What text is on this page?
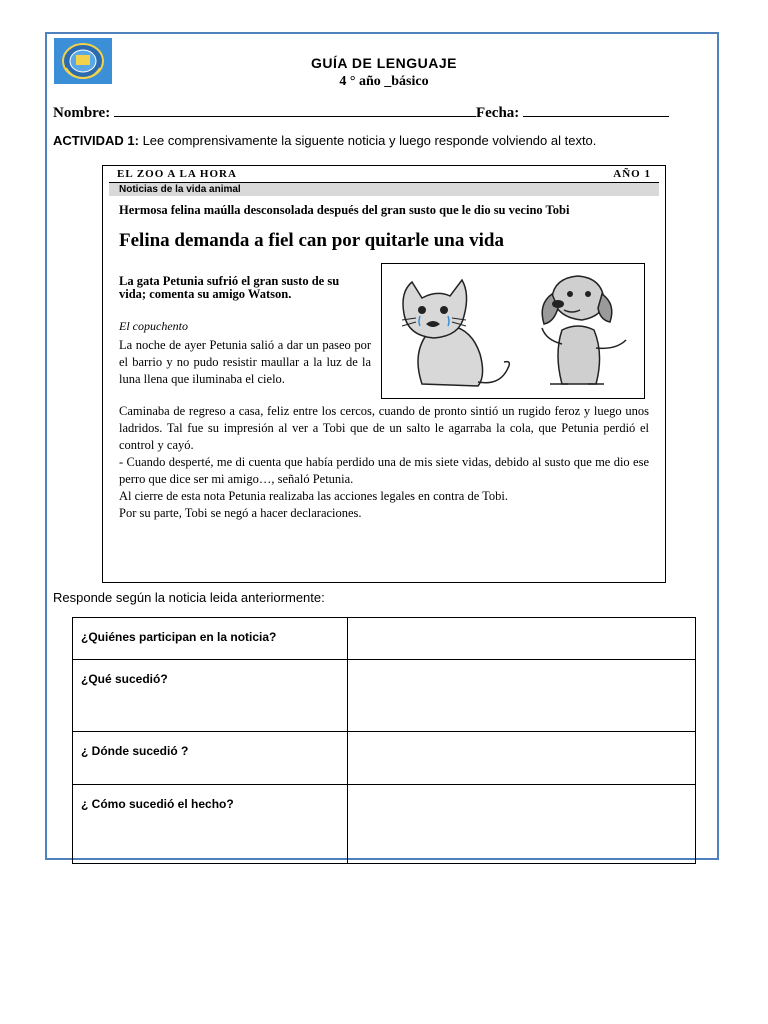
GUÍA DE LENGUAJE
4 ° año _básico
Nombre:	Fecha:
ACTIVIDAD 1: Lee comprensivamente la siguente noticia y luego responde volviendo al texto.
EL ZOO A LA HORA	AÑO 1
Noticias de la vida animal
Hermosa felina maúlla desconsolada después del gran susto que le dio su vecino Tobi
Felina demanda a fiel can por quitarle una vida
La gata Petunia sufrió el gran susto de su vida; comenta su amigo Watson.
El copuchento
La noche de ayer Petunia salió a dar un paseo por el barrio y no pudo resistir maullar a la luz de la luna llena que iluminaba el cielo.

Caminaba de regreso a casa, feliz entre los cercos, cuando de pronto sintió un rugido feroz y luego unos ladridos. Tal fue su impresión al ver a Tobi que de un salto le agarraba la cola, que Petunia perdió el control y cayó.

- Cuando desperté, me di cuenta que había perdido una de mis siete vidas, debido al susto que me dio ese perro que dice ser mi amigo…, señaló Petunia.

Al cierre de esta nota Petunia realizaba las acciones legales en contra de Tobi.

Por su parte, Tobi se negó a hacer declaraciones.

Responde según la noticia leida anteriormente:
¿Quiénes participan en la noticia?	
¿Qué sucedió?	
¿ Dónde sucedió ?	
¿ Cómo sucedió el hecho?	
